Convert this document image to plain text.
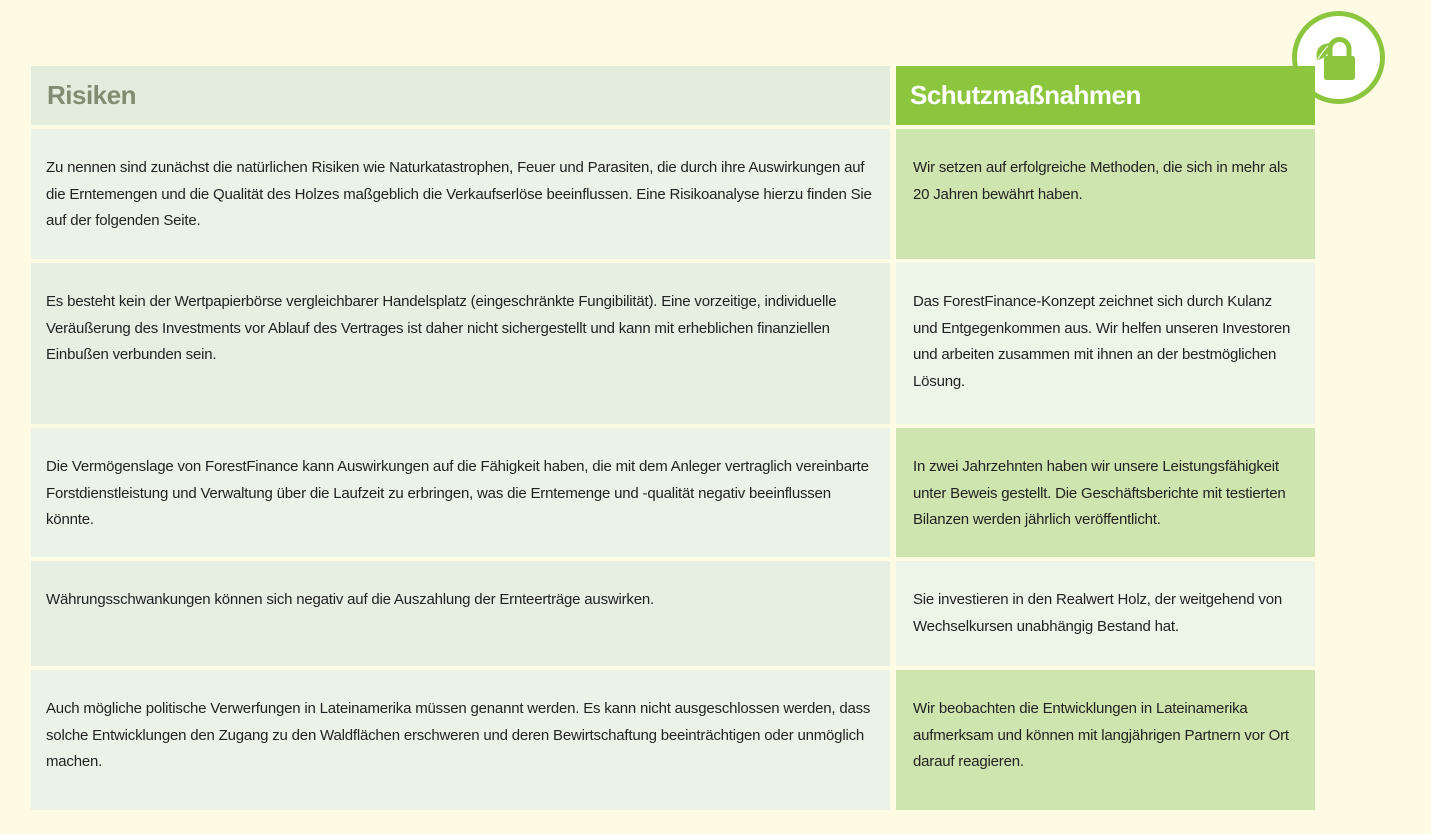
Risiken	Schutzmaßnahmen
Zu nennen sind zunächst die natürlichen Risiken wie Naturkatastrophen, Feuer und Parasiten, die durch ihre Auswirkungen auf die Erntemengen und die Qualität des Holzes maßgeblich die Verkaufserlöse beeinflussen. Eine Risikoanalyse hierzu finden Sie auf der folgenden Seite.
Wir setzen auf erfolgreiche Methoden, die sich in mehr als 20 Jahren bewährt haben.
Es besteht kein der Wertpapierbörse vergleichbarer Handelsplatz (eingeschränkte Fungibilität). Eine vorzeitige, individuelle Veräußerung des Investments vor Ablauf des Vertrages ist daher nicht sichergestellt und kann mit erheblichen finanziellen Einbußen verbunden sein.
Das ForestFinance-Konzept zeichnet sich durch Kulanz und Entgegenkommen aus. Wir helfen unseren Investoren und arbeiten zusammen mit ihnen an der bestmöglichen Lösung.
Die Vermögenslage von ForestFinance kann Auswirkungen auf die Fähigkeit haben, die mit dem Anleger vertraglich vereinbarte Forstdienstleistung und Verwaltung über die Laufzeit zu erbringen, was die Erntemenge und -qualität negativ beeinflussen könnte.
In zwei Jahrzehnten haben wir unsere Leistungsfähigkeit unter Beweis gestellt. Die Geschäftsberichte mit testierten Bilanzen werden jährlich veröffentlicht.
Währungsschwankungen können sich negativ auf die Auszahlung der Ernteerträge auswirken.	Sie investieren in den Realwert Holz, der weitgehend von Wechselkursen unabhängig Bestand hat.
Auch mögliche politische Verwerfungen in Lateinamerika müssen genannt werden. Es kann nicht ausgeschlossen werden, dass solche Entwicklungen den Zugang zu den Waldflächen erschweren und deren Bewirtschaftung beeinträchtigen oder unmöglich machen.
Wir beobachten die Entwicklungen in Lateinamerika aufmerksam und können mit langjährigen Partnern vor Ort darauf reagieren.
